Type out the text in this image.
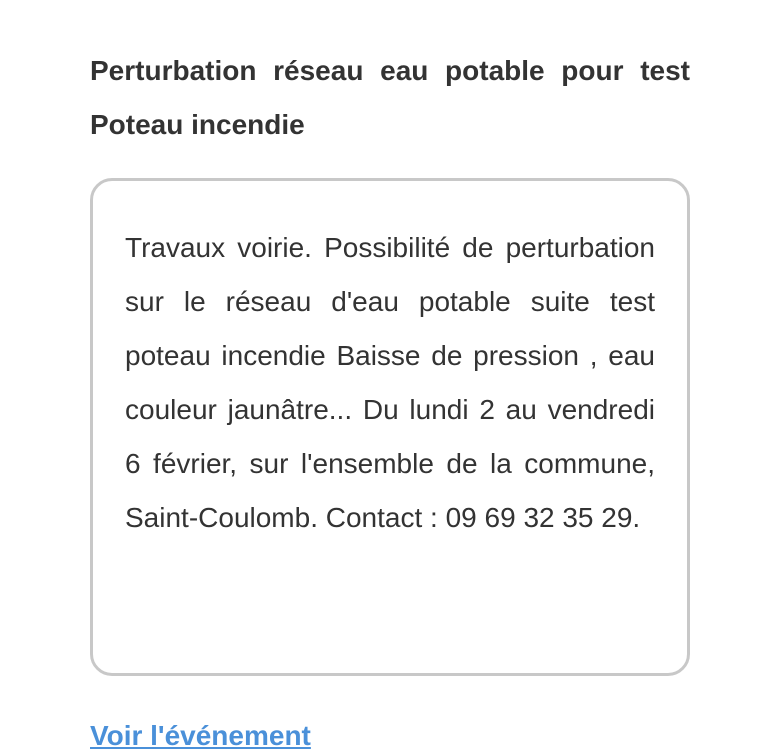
Perturbation réseau eau potable pour test Poteau incendie

Travaux voirie. Possibilité de perturbation sur le réseau d'eau potable suite test poteau incendie Baisse de pression , eau couleur jaunâtre... Du lundi 2 au vendredi 6 février, sur l'ensemble de la commune, Saint-Coulomb. Contact : 09 69 32 35 29.

Voir l'événement
